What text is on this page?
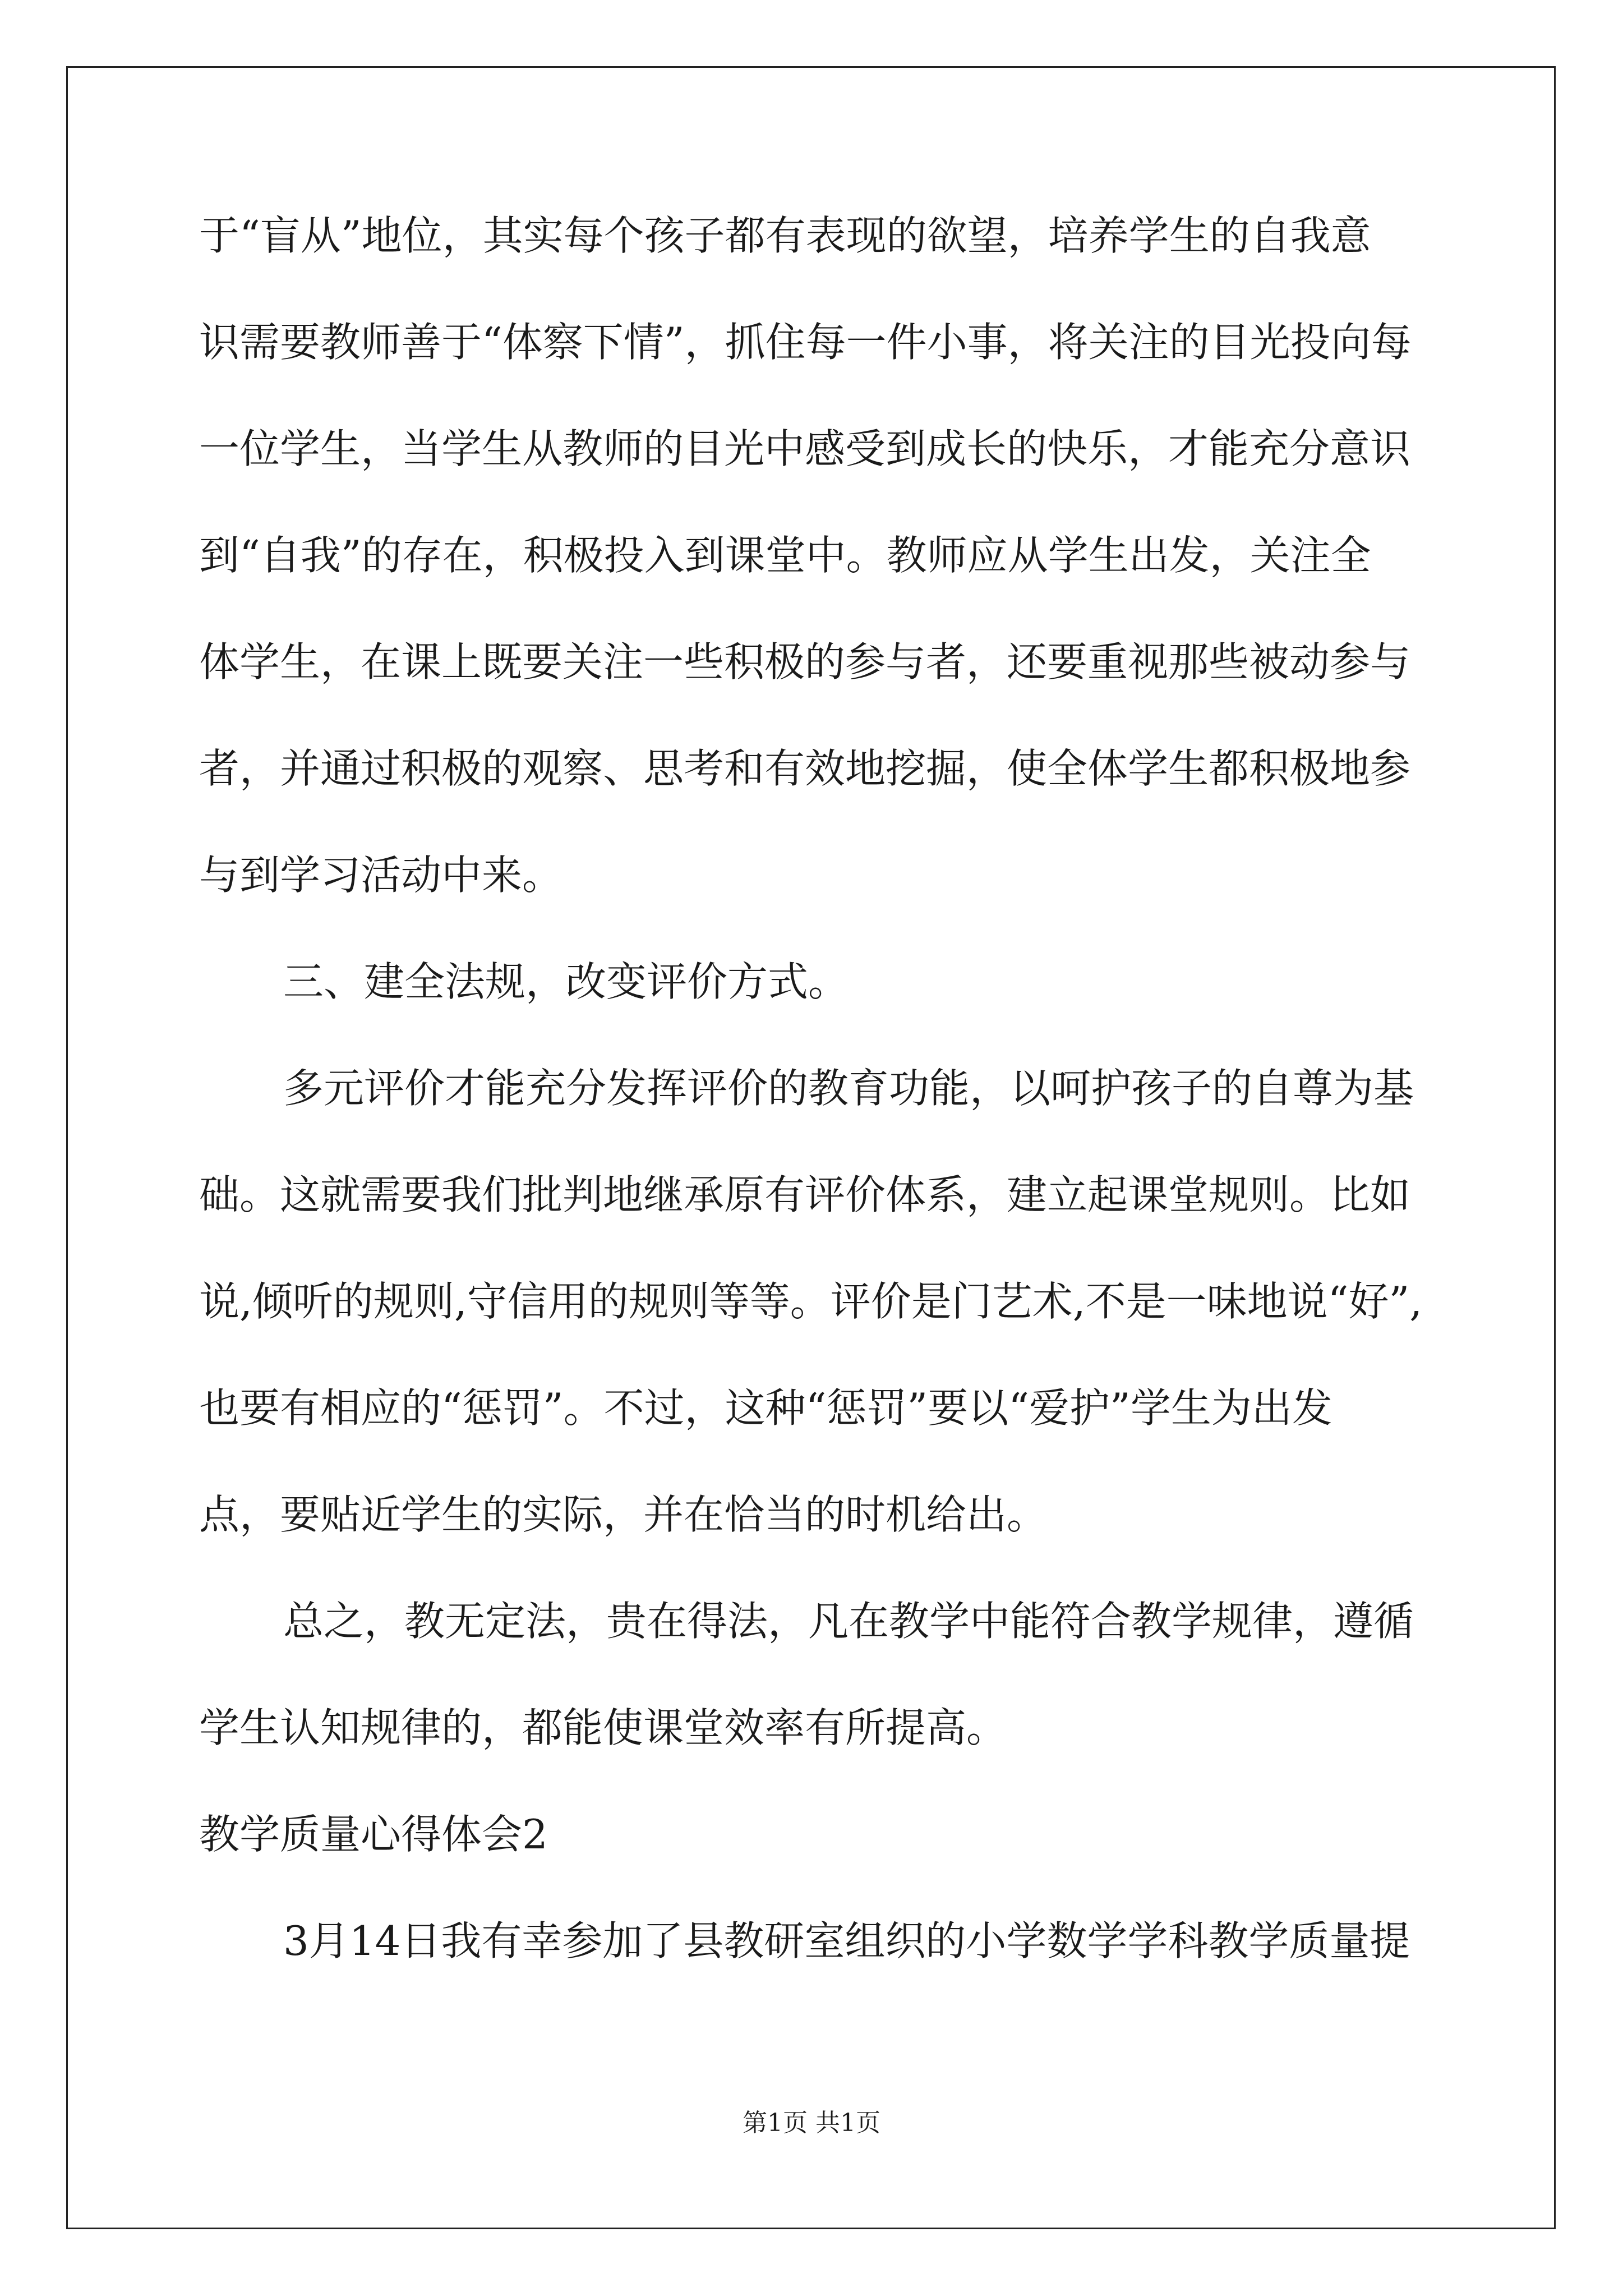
于“盲从”地位，其实每个孩子都有表现的欲望，培养学生的自我意
识需要教师善于“体察下情”，抓住每一件小事，将关注的目光投向每
一位学生，当学生从教师的目光中感受到成长的快乐，才能充分意识
到“自我”的存在，积极投入到课堂中。教师应从学生出发，关注全
体学生，在课上既要关注一些积极的参与者，还要重视那些被动参与
者，并通过积极的观察、思考和有效地挖掘，使全体学生都积极地参
与到学习活动中来。
三、建全法规，改变评价方式。
多元评价才能充分发挥评价的教育功能，以呵护孩子的自尊为基
础。这就需要我们批判地继承原有评价体系，建立起课堂规则。比如
说,倾听的规则,守信用的规则等等。评价是门艺术,不是一味地说“好”,
也要有相应的“惩罚”。不过，这种“惩罚”要以“爱护”学生为出发
点，要贴近学生的实际，并在恰当的时机给出。
总之，教无定法，贵在得法，凡在教学中能符合教学规律，遵循
学生认知规律的，都能使课堂效率有所提高。
教学质量心得体会2
3月14日我有幸参加了县教研室组织的小学数学学科教学质量提
第1页 共1页
